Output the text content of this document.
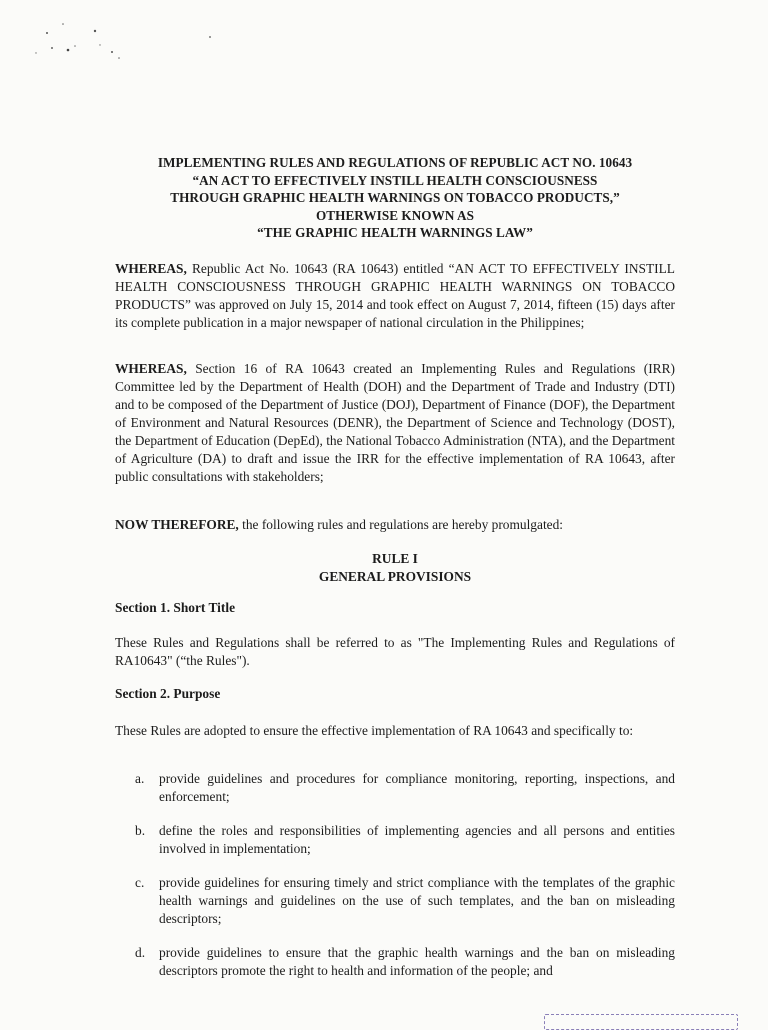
IMPLEMENTING RULES AND REGULATIONS OF REPUBLIC ACT NO. 10643
“AN ACT TO EFFECTIVELY INSTILL HEALTH CONSCIOUSNESS
THROUGH GRAPHIC HEALTH WARNINGS ON TOBACCO PRODUCTS,”
OTHERWISE KNOWN AS
“THE GRAPHIC HEALTH WARNINGS LAW”

WHEREAS, Republic Act No. 10643 (RA 10643) entitled “AN ACT TO EFFECTIVELY INSTILL HEALTH CONSCIOUSNESS THROUGH GRAPHIC HEALTH WARNINGS ON TOBACCO PRODUCTS” was approved on July 15, 2014 and took effect on August 7, 2014, fifteen (15) days after its complete publication in a major newspaper of national circulation in the Philippines;

WHEREAS, Section 16 of RA 10643 created an Implementing Rules and Regulations (IRR) Committee led by the Department of Health (DOH) and the Department of Trade and Industry (DTI) and to be composed of the Department of Justice (DOJ), Department of Finance (DOF), the Department of Environment and Natural Resources (DENR), the Department of Science and Technology (DOST), the Department of Education (DepEd), the National Tobacco Administration (NTA), and the Department of Agriculture (DA) to draft and issue the IRR for the effective implementation of RA 10643, after public consultations with stakeholders;

NOW THEREFORE, the following rules and regulations are hereby promulgated:

RULE I
GENERAL PROVISIONS
Section 1. Short Title

These Rules and Regulations shall be referred to as "The Implementing Rules and Regulations of RA10643" (“the Rules").

Section 2. Purpose

These Rules are adopted to ensure the effective implementation of RA 10643 and specifically to:

a.	provide guidelines and procedures for compliance monitoring, reporting, inspections, and enforcement;
b.	define the roles and responsibilities of implementing agencies and all persons and entities involved in implementation;
c.	provide guidelines for ensuring timely and strict compliance with the templates of the graphic health warnings and guidelines on the use of such templates, and the ban on misleading descriptors;
d.	provide guidelines to ensure that the graphic health warnings and the ban on misleading descriptors promote the right to health and information of the people; and
